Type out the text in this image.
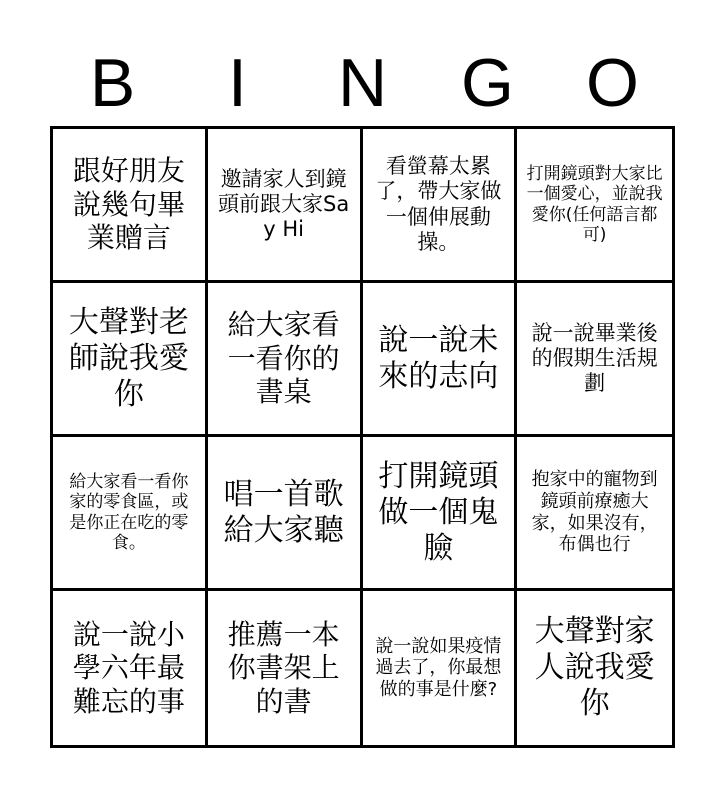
B	I	N	G	O
跟好朋友說幾句畢業贈言
邀請家人到鏡頭前跟大家Say Hi
看螢幕太累了，帶大家做一個伸展動操。
打開鏡頭對大家比一個愛心，並說我愛你(任何語言都可)
大聲對老師說我愛你
給大家看一看你的書桌
說一說未來的志向
說一說畢業後的假期生活規劃
給大家看一看你家的零食區，或是你正在吃的零食。
唱一首歌給大家聽
打開鏡頭做一個鬼臉
抱家中的寵物到鏡頭前療癒大家，如果沒有，布偶也行
說一說小學六年最難忘的事
推薦一本你書架上的書
說一說如果疫情過去了，你最想做的事是什麼?
大聲對家人說我愛你
